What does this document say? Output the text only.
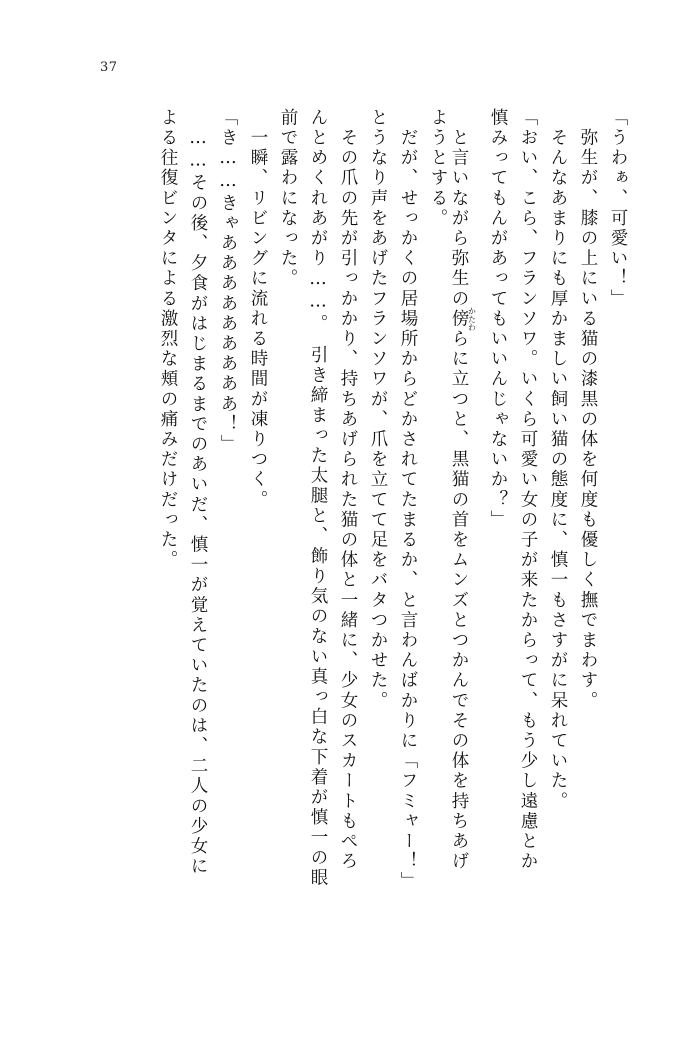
37
「うわぁ、可愛い！」
　弥生が、膝の上にいる猫の漆黒の体を何度も優しく撫でまわす。
　そんなあまりにも厚かましい飼い猫の態度に、慎一もさすがに呆れていた。
「おい、こら、フランソワ。いくら可愛い女の子が来たからって、もう少し遠慮とか
慎みってもんがあってもいいんじゃないか？」
　と言いながら弥生の傍かたわらに立つと、黒猫の首をムンズとつかんでその体を持ちあげ
ようとする。
　だが、せっかくの居場所からどかされてたまるか、と言わんばかりに「フミャー！」
とうなり声をあげたフランソワが、爪を立てて足をバタつかせた。
　その爪の先が引っかかり、持ちあげられた猫の体と一緒に、少女のスカートもぺろ
んとめくれあがり……。　引き締まった太腿と、飾り気のない真っ白な下着が慎一の眼
前で露わになった。
　一瞬、リビングに流れる時間が凍りつく。
「き……きゃあああああああああ！」
　……その後、夕食がはじまるまでのあいだ、慎一が覚えていたのは、二人の少女に
よる往復ビンタによる激烈な頬の痛みだけだった。
